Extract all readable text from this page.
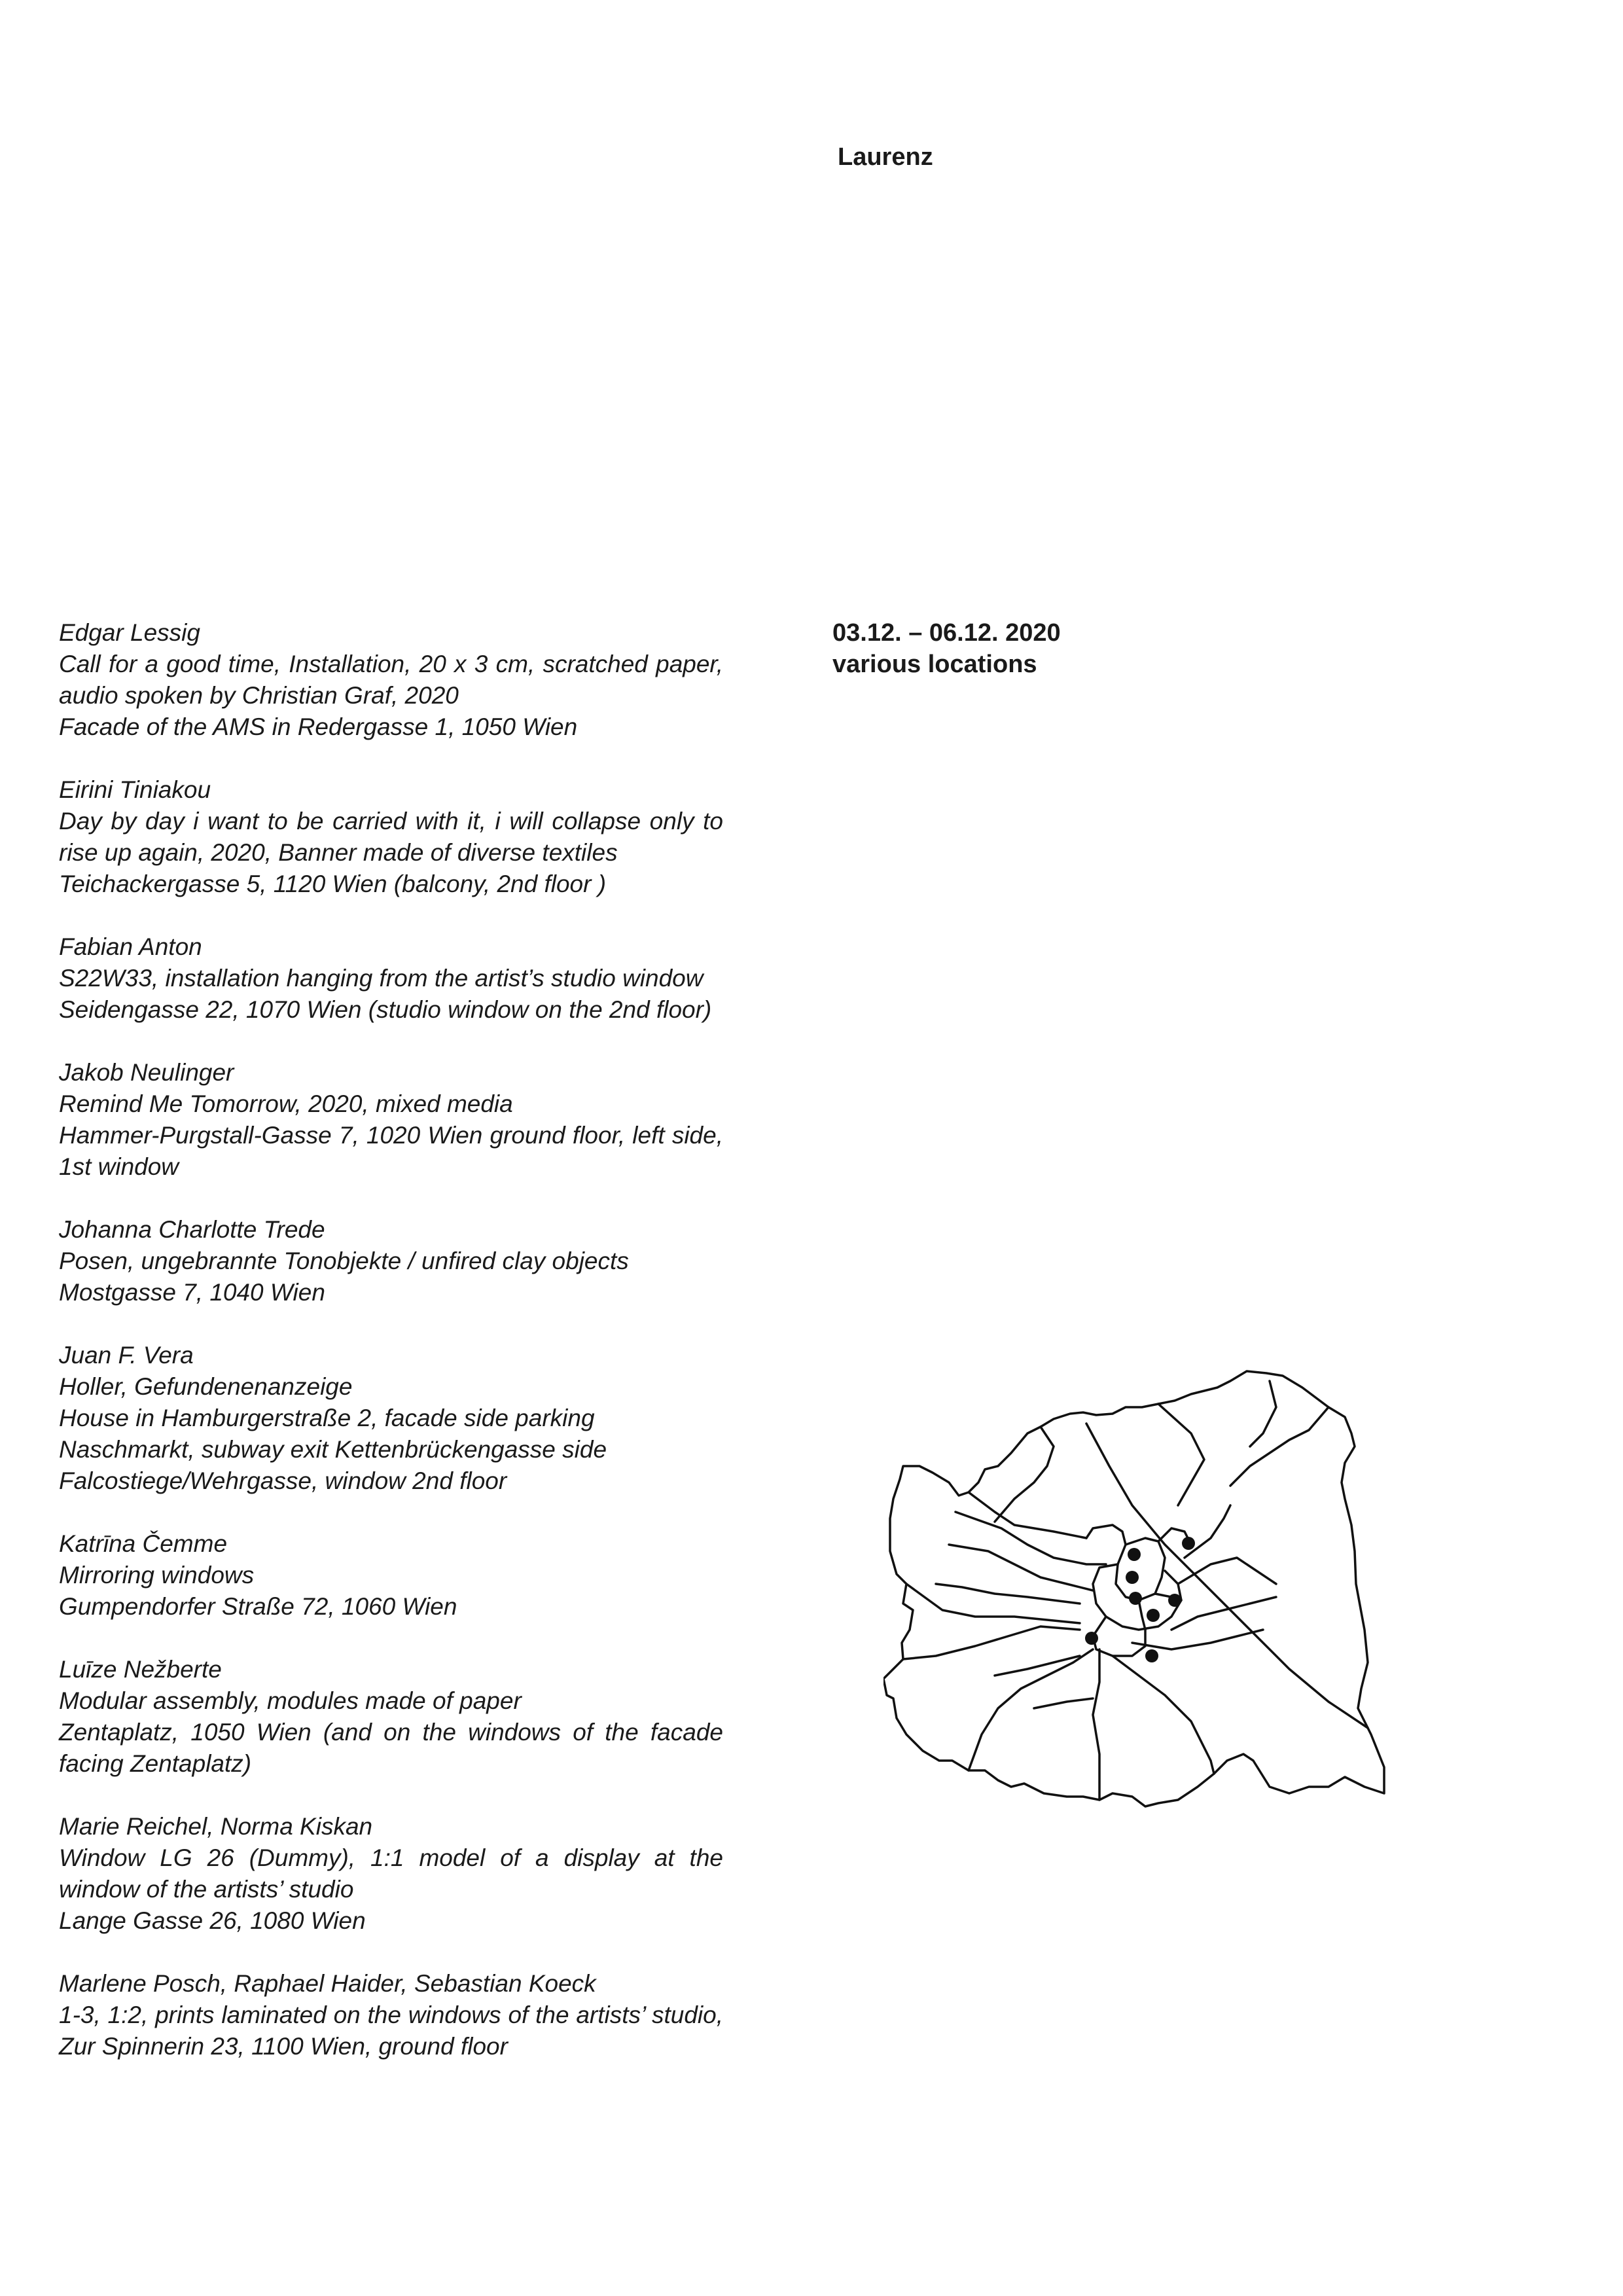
Laurenz
03.12. – 06.12. 2020
various locations
Edgar Lessig
Call for a good time, Installation, 20 x 3 cm, scratched paper, audio spoken by Christian Graf, 2020
Facade of the AMS in Redergasse 1, 1050 Wien
Eirini Tiniakou
Day by day i want to be carried with it, i will collapse only to rise up again, 2020, Banner made of diverse textiles
Teichackergasse 5, 1120 Wien (balcony, 2nd floor )
Fabian Anton
S22W33, installation hanging from the artist’s studio window
Seidengasse 22, 1070 Wien (studio window on the 2nd floor)
Jakob Neulinger
Remind Me Tomorrow, 2020, mixed media
Hammer-Purgstall-Gasse 7, 1020 Wien ground floor, left side, 1st window
Johanna Charlotte Trede
Posen, ungebrannte Tonobjekte / unfired clay objects
Mostgasse 7, 1040 Wien
Juan F. Vera
Holler, Gefundenenanzeige
House in Hamburgerstraße 2, facade side parking
Naschmarkt, subway exit Kettenbrückengasse side
Falcostiege/Wehrgasse, window 2nd floor
Katrīna Čemme
Mirroring windows
Gumpendorfer Straße 72, 1060 Wien
Luīze Nežberte
Modular assembly, modules made of paper
Zentaplatz, 1050 Wien (and on the windows of the facade facing Zentaplatz)
Marie Reichel, Norma Kiskan
Window LG 26 (Dummy), 1:1 model of a display at the window of the artists’ studio
Lange Gasse 26, 1080 Wien
Marlene Posch, Raphael Haider, Sebastian Koeck
1-3, 1:2, prints laminated on the windows of the artists’ studio, Zur Spinnerin 23, 1100 Wien, ground floor
